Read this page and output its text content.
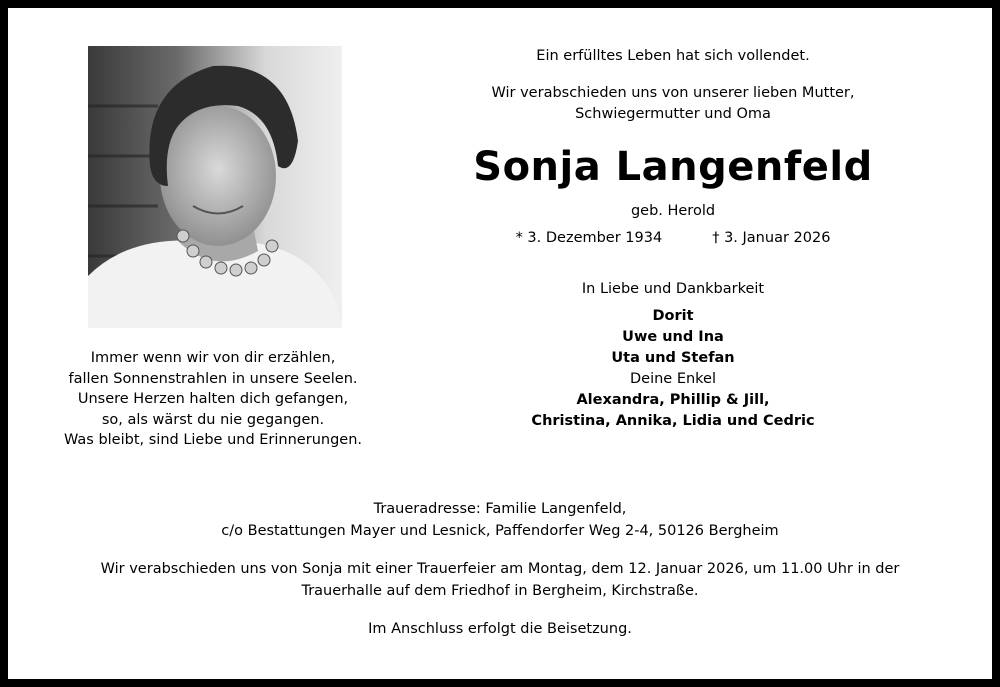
Immer wenn wir von dir erzählen,
fallen Sonnenstrahlen in unsere Seelen.
Unsere Herzen halten dich gefangen,
so, als wärst du nie gegangen.
Was bleibt, sind Liebe und Erinnerungen.
Ein erfülltes Leben hat sich vollendet.
Wir verabschieden uns von unserer lieben Mutter,
Schwiegermutter und Oma
Sonja Langenfeld
geb. Herold
* 3. Dezember 1934	† 3. Januar 2026
In Liebe und Dankbarkeit
Dorit
Uwe und Ina
Uta und Stefan
Deine Enkel
Alexandra, Phillip & Jill,
Christina, Annika, Lidia und Cedric
Traueradresse: Familie Langenfeld,
c/o Bestattungen Mayer und Lesnick, Paffendorfer Weg 2-4, 50126 Bergheim
Wir verabschieden uns von Sonja mit einer Trauerfeier am Montag, dem 12. Januar 2026, um 11.00 Uhr in der
Trauerhalle auf dem Friedhof in Bergheim, Kirchstraße.
Im Anschluss erfolgt die Beisetzung.
